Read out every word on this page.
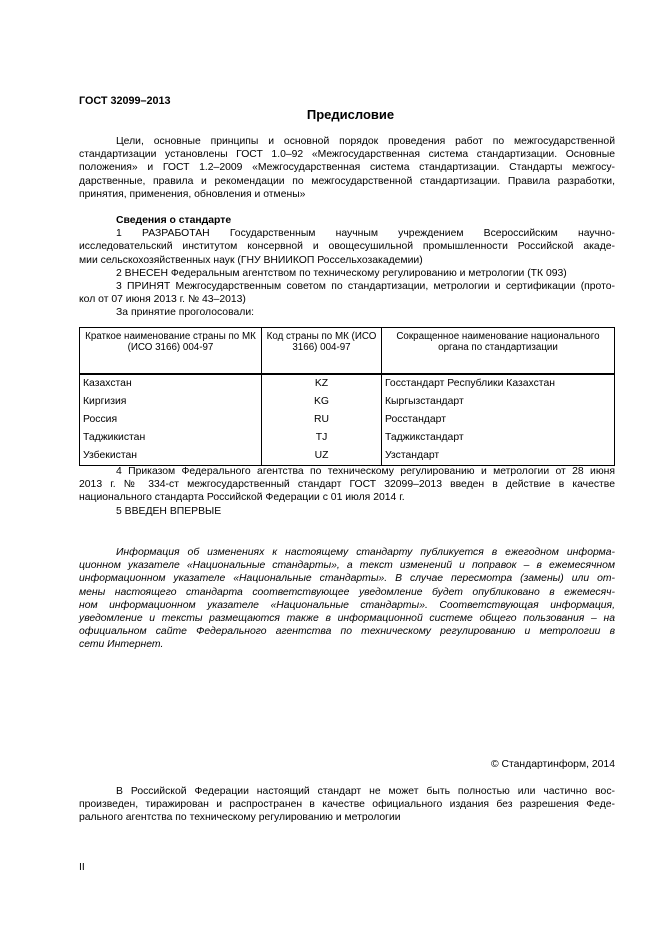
ГОСТ 32099–2013
Предисловие
Цели, основные принципы и основной порядок проведения работ по межгосударственной
стандартизации установлены ГОСТ 1.0–92 «Межгосударственная система стандартизации. Основные
положения» и ГОСТ 1.2–2009 «Межгосударственная система стандартизации. Стандарты межгосу-
дарственные, правила и рекомендации по межгосударственной стандартизации. Правила разработки,
принятия, применения, обновления и отмены»
Сведения о стандарте
1 РАЗРАБОТАН Государственным научным учреждением Всероссийским научно-
исследовательский институтом консервной и овощесушильной промышленности Российской акаде-
мии сельскохозяйственных наук (ГНУ ВНИИКОП Россельхозакадемии)
2 ВНЕСЕН Федеральным агентством по техническому регулированию и метрологии (ТК 093)
3 ПРИНЯТ Межгосударственным советом по стандартизации, метрологии и сертификации (прото-
кол от 07 июня 2013 г. № 43–2013)
За принятие проголосовали:
Краткое наименование страны по МК (ИСО 3166) 004-97	Код страны по МК (ИСО 3166) 004-97	Сокращенное наименование национального органа по стандартизации
Казахстан	KZ	Госстандарт Республики Казахстан
Киргизия	KG	Кыргызстандарт
Россия	RU	Росстандарт
Таджикистан	TJ	Таджикстандарт
Узбекистан	UZ	Узстандарт
4 Приказом Федерального агентства по техническому регулированию и метрологии от 28 июня
2013 г. № 334-ст межгосударственный стандарт ГОСТ 32099–2013 введен в действие в качестве
национального стандарта Российской Федерации с 01 июля 2014 г.
5 ВВЕДЕН ВПЕРВЫЕ
Информация об изменениях к настоящему стандарту публикуется в ежегодном информа-
ционном указателе «Национальные стандарты», а текст изменений и поправок – в ежемесячном
информационном указателе «Национальные стандарты». В случае пересмотра (замены) или от-
мены настоящего стандарта соответствующее уведомление будет опубликовано в ежемесяч-
ном информационном указателе «Национальные стандарты». Соответствующая информация,
уведомление и тексты размещаются также в информационной системе общего пользования – на
официальном сайте Федерального агентства по техническому регулированию и метрологии в
сети Интернет.
© Стандартинформ, 2014
В Российской Федерации настоящий стандарт не может быть полностью или частично вос-
произведен, тиражирован и распространен в качестве официального издания без разрешения Феде-
рального агентства по техническому регулированию и метрологии
II
